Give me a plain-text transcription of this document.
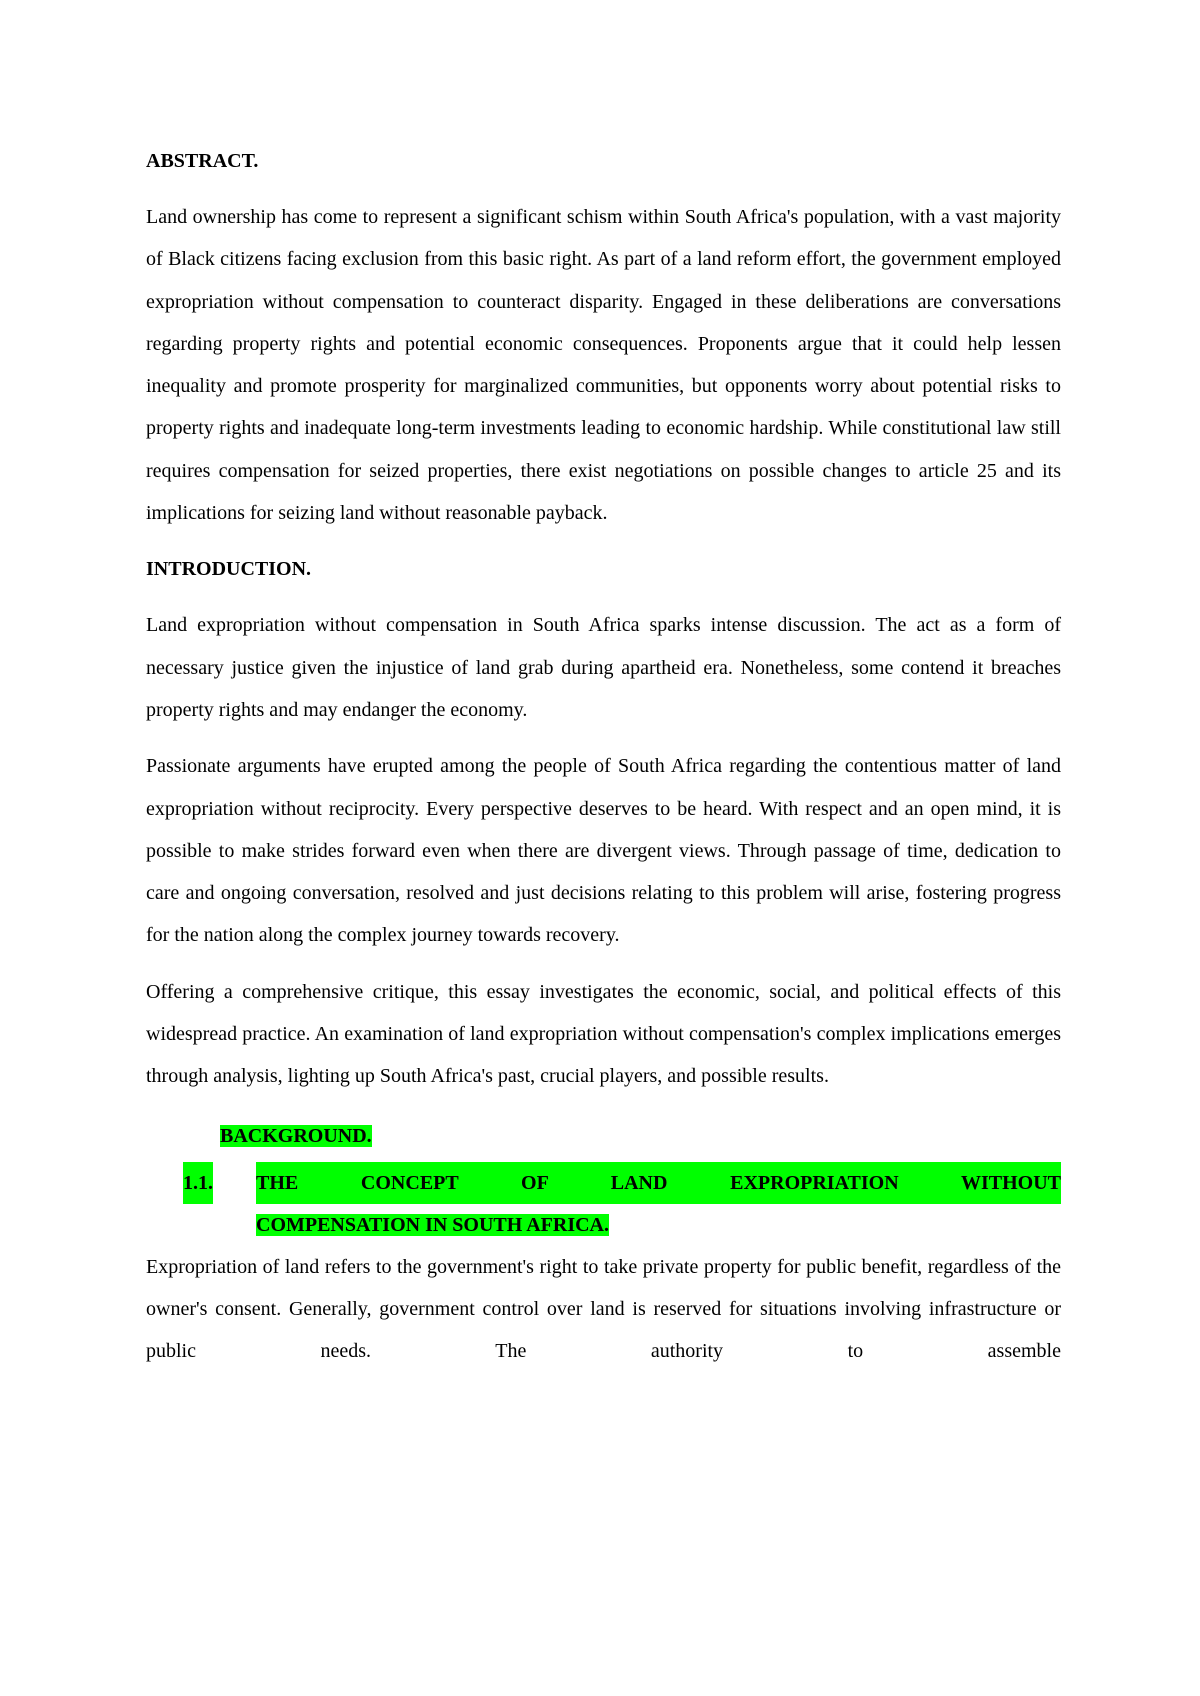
ABSTRACT.

Land ownership has come to represent a significant schism within South Africa's population, with a vast majority of Black citizens facing exclusion from this basic right. As part of a land reform effort, the government employed expropriation without compensation to counteract disparity. Engaged in these deliberations are conversations regarding property rights and potential economic consequences. Proponents argue that it could help lessen inequality and promote prosperity for marginalized communities, but opponents worry about potential risks to property rights and inadequate long-term investments leading to economic hardship. While constitutional law still requires compensation for seized properties, there exist negotiations on possible changes to article 25 and its implications for seizing land without reasonable payback.

INTRODUCTION.

Land expropriation without compensation in South Africa sparks intense discussion. The act as a form of necessary justice given the injustice of land grab during apartheid era. Nonetheless, some contend it breaches property rights and may endanger the economy.

Passionate arguments have erupted among the people of South Africa regarding the contentious matter of land expropriation without reciprocity. Every perspective deserves to be heard. With respect and an open mind, it is possible to make strides forward even when there are divergent views. Through passage of time, dedication to care and ongoing conversation, resolved and just decisions relating to this problem will arise, fostering progress for the nation along the complex journey towards recovery.

Offering a comprehensive critique, this essay investigates the economic, social, and political effects of this widespread practice. An examination of land expropriation without compensation's complex implications emerges through analysis, lighting up South Africa's past, crucial players, and possible results.

BACKGROUND.
1.1. THE CONCEPT OF LAND EXPROPRIATION WITHOUT
COMPENSATION IN SOUTH AFRICA.

Expropriation of land refers to the government's right to take private property for public benefit, regardless of the owner's consent. Generally, government control over land is reserved for situations involving infrastructure or public needs. The authority to assemble
